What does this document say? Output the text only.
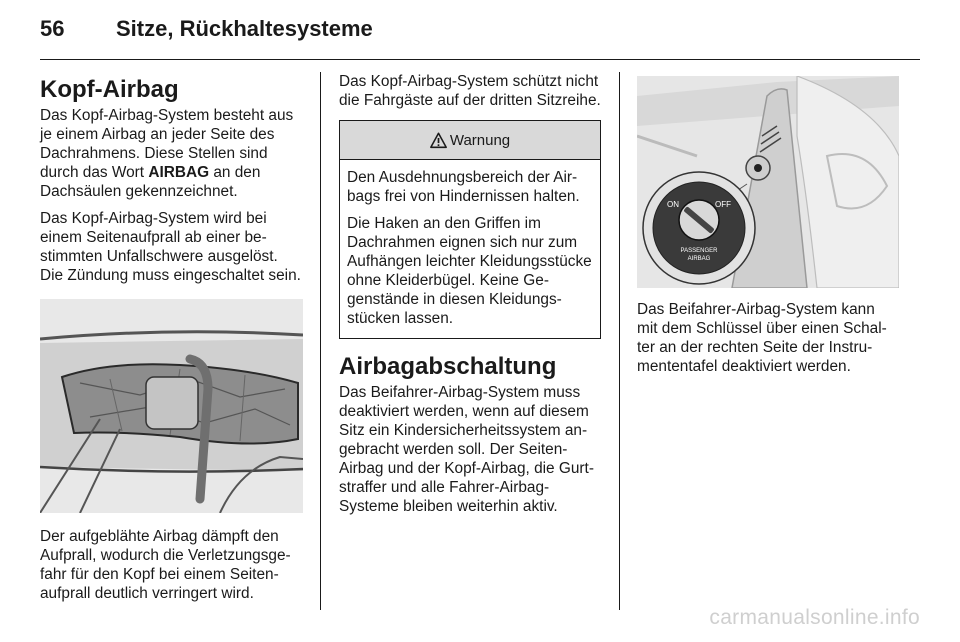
56 Sitze, Rückhaltesysteme
Kopf-Airbag

Das Kopf-Airbag-System besteht aus je einem Airbag an jeder Seite des Dachrahmens. Diese Stellen sind durch das Wort AIRBAG an den Dachsäulen gekennzeichnet.

Das Kopf-Airbag-System wird bei einem Seitenaufprall ab einer bestimmten Unfallschwere ausgelöst. Die Zündung muss eingeschaltet sein.

Der aufgeblähte Airbag dämpft den Aufprall, wodurch die Verletzungsgefahr für den Kopf bei einem Seitenaufprall deutlich verringert wird.

Das Kopf-Airbag-System schützt nicht die Fahrgäste auf der dritten Sitzreihe.

Warnung

Den Ausdehnungsbereich der Airbags frei von Hindernissen halten.

Die Haken an den Griffen im Dachrahmen eignen sich nur zum Aufhängen leichter Kleidungsstücke ohne Kleiderbügel. Keine Gegenstände in diesen Kleidungsstücken lassen.

Airbagabschaltung

Das Beifahrer-Airbag-System muss deaktiviert werden, wenn auf diesem Sitz ein Kindersicherheitssystem angebracht werden soll. Der Seiten-Airbag und der Kopf-Airbag, die Gurtstraffer und alle Fahrer-Airbag-Systeme bleiben weiterhin aktiv.

ON	OFF
PASSENGER
AIRBAG

Das Beifahrer-Airbag-System kann mit dem Schlüssel über einen Schalter an der rechten Seite der Instrumententafel deaktiviert werden.

carmanualsonline.info
